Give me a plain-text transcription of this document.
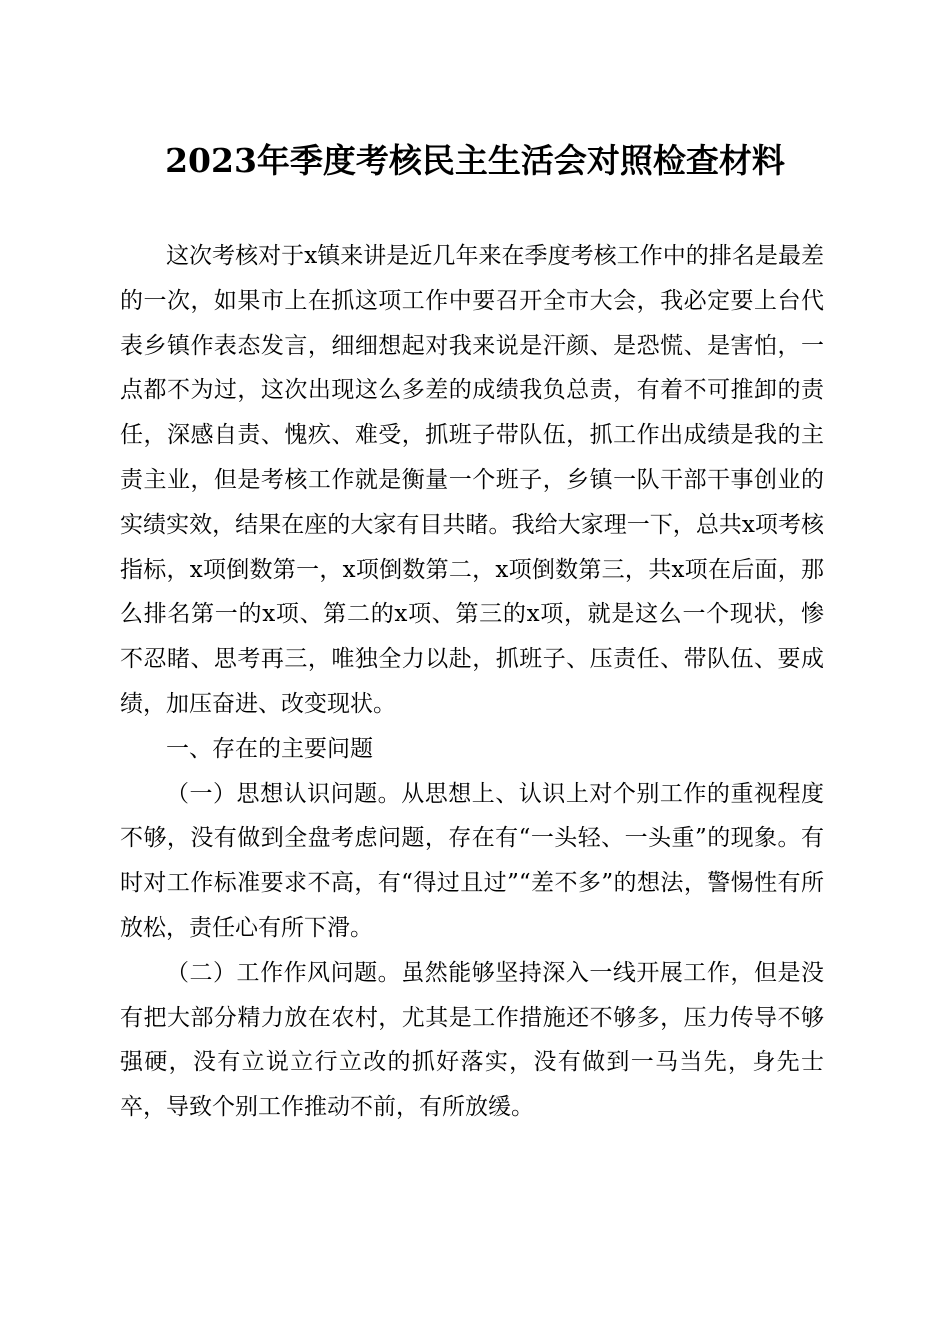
2023年季度考核民主生活会对照检查材料

这次考核对于x镇来讲是近几年来在季度考核工作中的排名是最差的一次，如果市上在抓这项工作中要召开全市大会，我必定要上台代表乡镇作表态发言，细细想起对我来说是汗颜、是恐慌、是害怕，一点都不为过，这次出现这么多差的成绩我负总责，有着不可推卸的责任，深感自责、愧疚、难受，抓班子带队伍，抓工作出成绩是我的主责主业，但是考核工作就是衡量一个班子，乡镇一队干部干事创业的实绩实效，结果在座的大家有目共睹。我给大家理一下，总共x项考核指标，x项倒数第一，x项倒数第二，x项倒数第三，共x项在后面，那么排名第一的x项、第二的x项、第三的x项，就是这么一个现状，惨不忍睹、思考再三，唯独全力以赴，抓班子、压责任、带队伍、要成绩，加压奋进、改变现状。

一、存在的主要问题

（一）思想认识问题。从思想上、认识上对个别工作的重视程度不够，没有做到全盘考虑问题，存在有“一头轻、一头重”的现象。有时对工作标准要求不高，有“得过且过”“差不多”的想法，警惕性有所放松，责任心有所下滑。

（二）工作作风问题。虽然能够坚持深入一线开展工作，但是没有把大部分精力放在农村，尤其是工作措施还不够多，压力传导不够强硬，没有立说立行立改的抓好落实，没有做到一马当先，身先士卒，导致个别工作推动不前，有所放缓。
